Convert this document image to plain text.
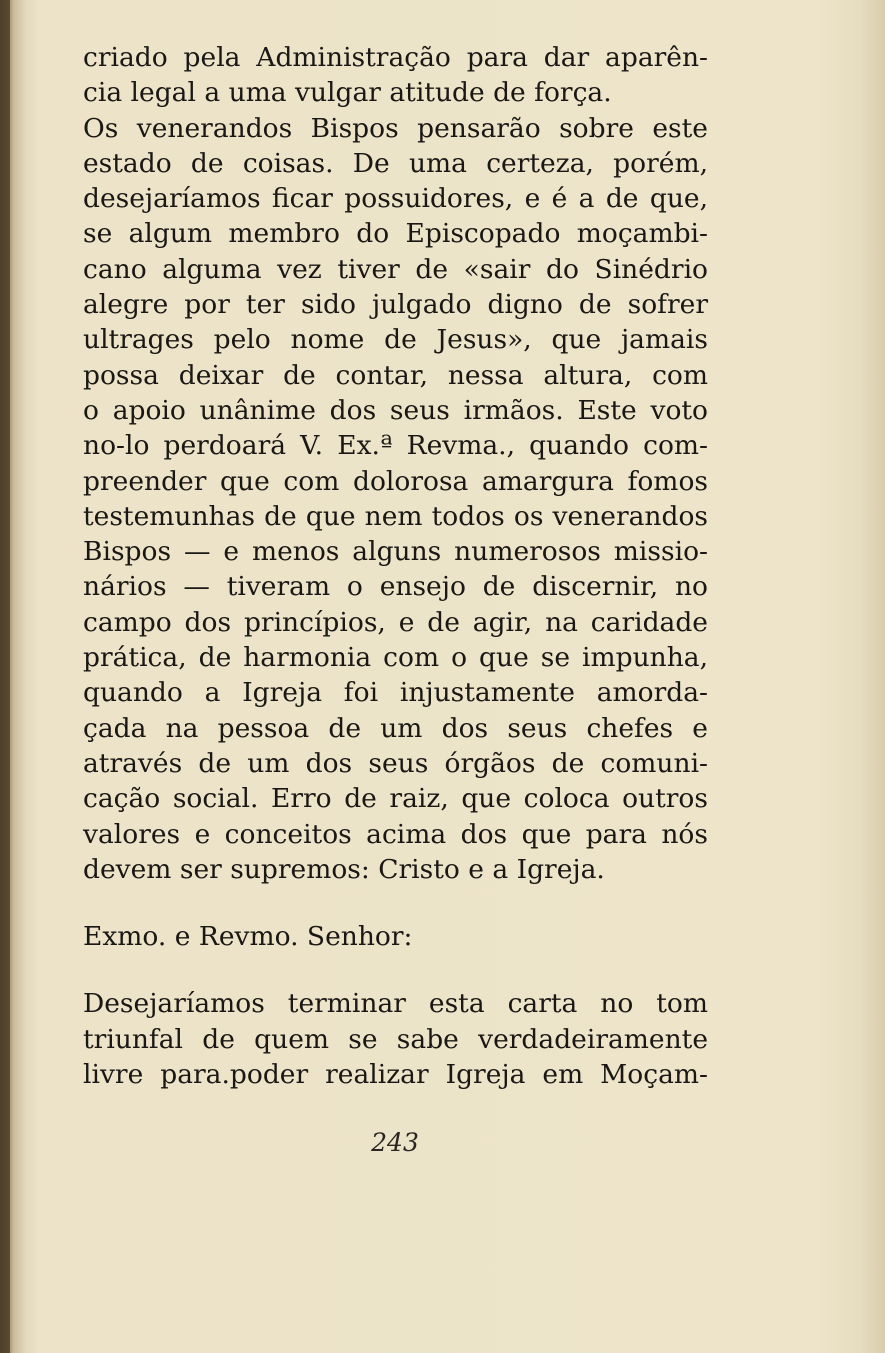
criado pela Administração para dar aparên-
cia legal a uma vulgar atitude de força.
Os venerandos Bispos pensarão sobre este
estado de coisas. De uma certeza, porém,
desejaríamos ficar possuidores, e é a de que,
se algum membro do Episcopado moçambi-
cano alguma vez tiver de «sair do Sinédrio
alegre por ter sido julgado digno de sofrer
ultrages pelo nome de Jesus», que jamais
possa deixar de contar, nessa altura, com
o apoio unânime dos seus irmãos. Este voto
no-lo perdoará V. Ex.ª Revma., quando com-
preender que com dolorosa amargura fomos
testemunhas de que nem todos os venerandos
Bispos — e menos alguns numerosos missio-
nários — tiveram o ensejo de discernir, no
campo dos princípios, e de agir, na caridade
prática, de harmonia com o que se impunha,
quando a Igreja foi injustamente amorda-
çada na pessoa de um dos seus chefes e
através de um dos seus órgãos de comuni-
cação social. Erro de raiz, que coloca outros
valores e conceitos acima dos que para nós
devem ser supremos: Cristo e a Igreja.
Exmo. e Revmo. Senhor:
Desejaríamos terminar esta carta no tom
triunfal de quem se sabe verdadeiramente
livre para.poder realizar Igreja em Moçam-
243
